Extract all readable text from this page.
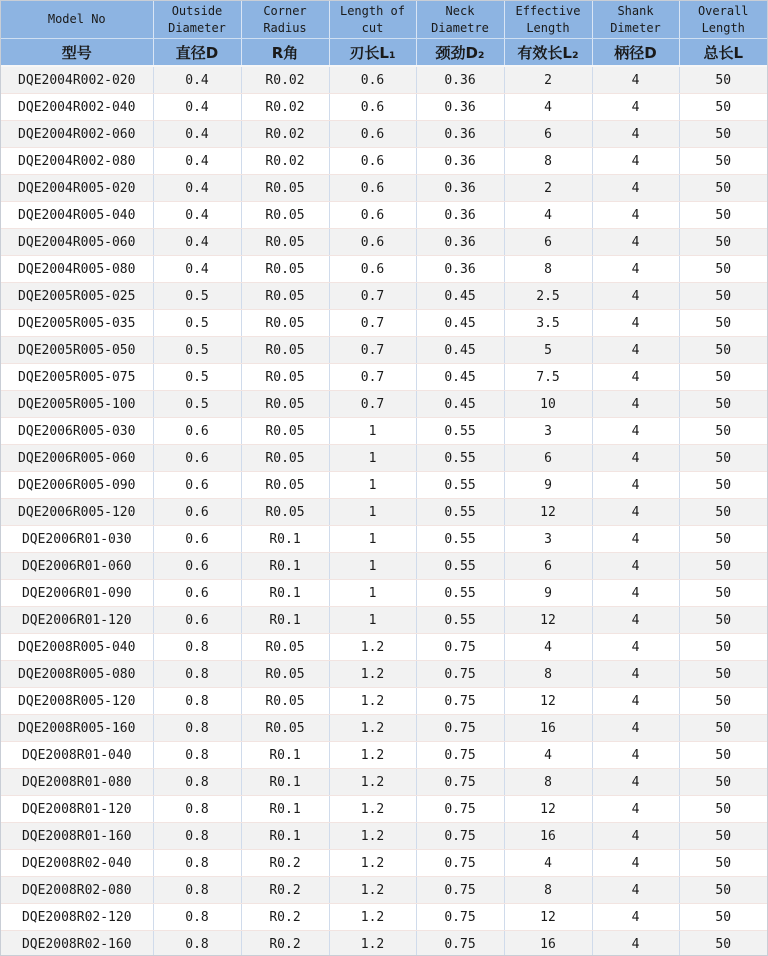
Model No	Outside Diameter	Corner Radius	Length of cut	Neck Diametre	Effective Length	Shank Dimeter	Overall Length
型号	直径D	R角	刃长L₁	颈劲D₂	有效长L₂	柄径D	总长L
DQE2004R002-020	0.4	R0.02	0.6	0.36	2	4	50
DQE2004R002-040	0.4	R0.02	0.6	0.36	4	4	50
DQE2004R002-060	0.4	R0.02	0.6	0.36	6	4	50
DQE2004R002-080	0.4	R0.02	0.6	0.36	8	4	50
DQE2004R005-020	0.4	R0.05	0.6	0.36	2	4	50
DQE2004R005-040	0.4	R0.05	0.6	0.36	4	4	50
DQE2004R005-060	0.4	R0.05	0.6	0.36	6	4	50
DQE2004R005-080	0.4	R0.05	0.6	0.36	8	4	50
DQE2005R005-025	0.5	R0.05	0.7	0.45	2.5	4	50
DQE2005R005-035	0.5	R0.05	0.7	0.45	3.5	4	50
DQE2005R005-050	0.5	R0.05	0.7	0.45	5	4	50
DQE2005R005-075	0.5	R0.05	0.7	0.45	7.5	4	50
DQE2005R005-100	0.5	R0.05	0.7	0.45	10	4	50
DQE2006R005-030	0.6	R0.05	1	0.55	3	4	50
DQE2006R005-060	0.6	R0.05	1	0.55	6	4	50
DQE2006R005-090	0.6	R0.05	1	0.55	9	4	50
DQE2006R005-120	0.6	R0.05	1	0.55	12	4	50
DQE2006R01-030	0.6	R0.1	1	0.55	3	4	50
DQE2006R01-060	0.6	R0.1	1	0.55	6	4	50
DQE2006R01-090	0.6	R0.1	1	0.55	9	4	50
DQE2006R01-120	0.6	R0.1	1	0.55	12	4	50
DQE2008R005-040	0.8	R0.05	1.2	0.75	4	4	50
DQE2008R005-080	0.8	R0.05	1.2	0.75	8	4	50
DQE2008R005-120	0.8	R0.05	1.2	0.75	12	4	50
DQE2008R005-160	0.8	R0.05	1.2	0.75	16	4	50
DQE2008R01-040	0.8	R0.1	1.2	0.75	4	4	50
DQE2008R01-080	0.8	R0.1	1.2	0.75	8	4	50
DQE2008R01-120	0.8	R0.1	1.2	0.75	12	4	50
DQE2008R01-160	0.8	R0.1	1.2	0.75	16	4	50
DQE2008R02-040	0.8	R0.2	1.2	0.75	4	4	50
DQE2008R02-080	0.8	R0.2	1.2	0.75	8	4	50
DQE2008R02-120	0.8	R0.2	1.2	0.75	12	4	50
DQE2008R02-160	0.8	R0.2	1.2	0.75	16	4	50
